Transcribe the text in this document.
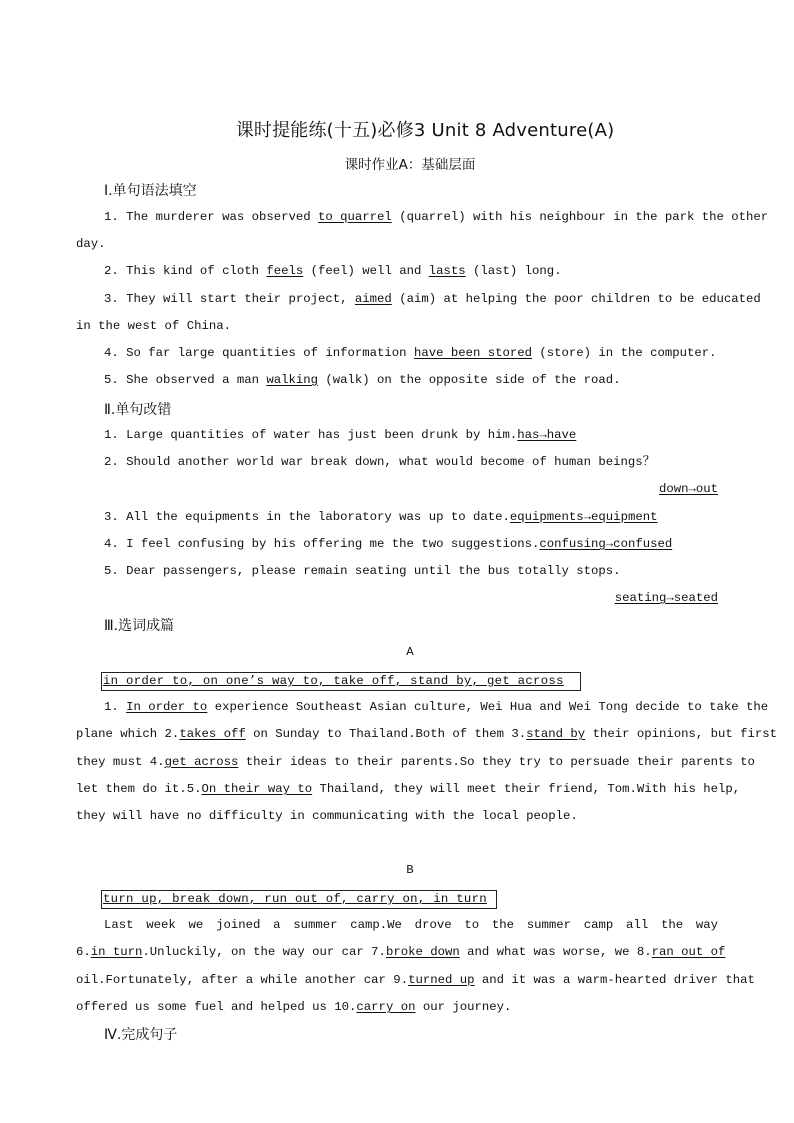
课时提能练(十五)必修3 Unit 8 Adventure(A)
课时作业A：基础层面
Ⅰ.单句语法填空
1. The murderer was observed to quarrel (quarrel) with his neighbour in the park the other
day.
2. This kind of cloth feels (feel) well and lasts (last) long.
3. They will start their project, aimed (aim) at helping the poor children to be educated
in the west of China.
4. So far large quantities of information have been stored (store) in the computer.
5. She observed a man walking (walk) on the opposite side of the road.
Ⅱ.单句改错
1. Large quantities of water has just been drunk by him.has→have
2. Should another world war break down, what would become of human beings？
down→out
3. All the equipments in the laboratory was up to date.equipments→equipment
4. I feel confusing by his offering me the two suggestions.confusing→confused
5. Dear passengers, please remain seating until the bus totally stops.
seating→seated
Ⅲ.选词成篇
A
in order to, on one’s way to, take off, stand by, get across
1. In order to experience Southeast Asian culture, Wei Hua and Wei Tong decide to take the
plane which 2.takes off on Sunday to Thailand.Both of them 3.stand by their opinions, but first
they must 4.get across their ideas to their parents.So they try to persuade their parents to
let them do it.5.On their way to Thailand, they will meet their friend, Tom.With his help,
they will have no difficulty in communicating with the local people.
B
turn up, break down, run out of, carry on, in turn
Last week we joined a summer camp.We drove to the summer camp all the way
6.in turn.Unluckily, on the way our car 7.broke down and what was worse, we 8.ran out of
oil.Fortunately, after a while another car 9.turned up and it was a warm-hearted driver that
offered us some fuel and helped us 10.carry on our journey.
Ⅳ.完成句子
